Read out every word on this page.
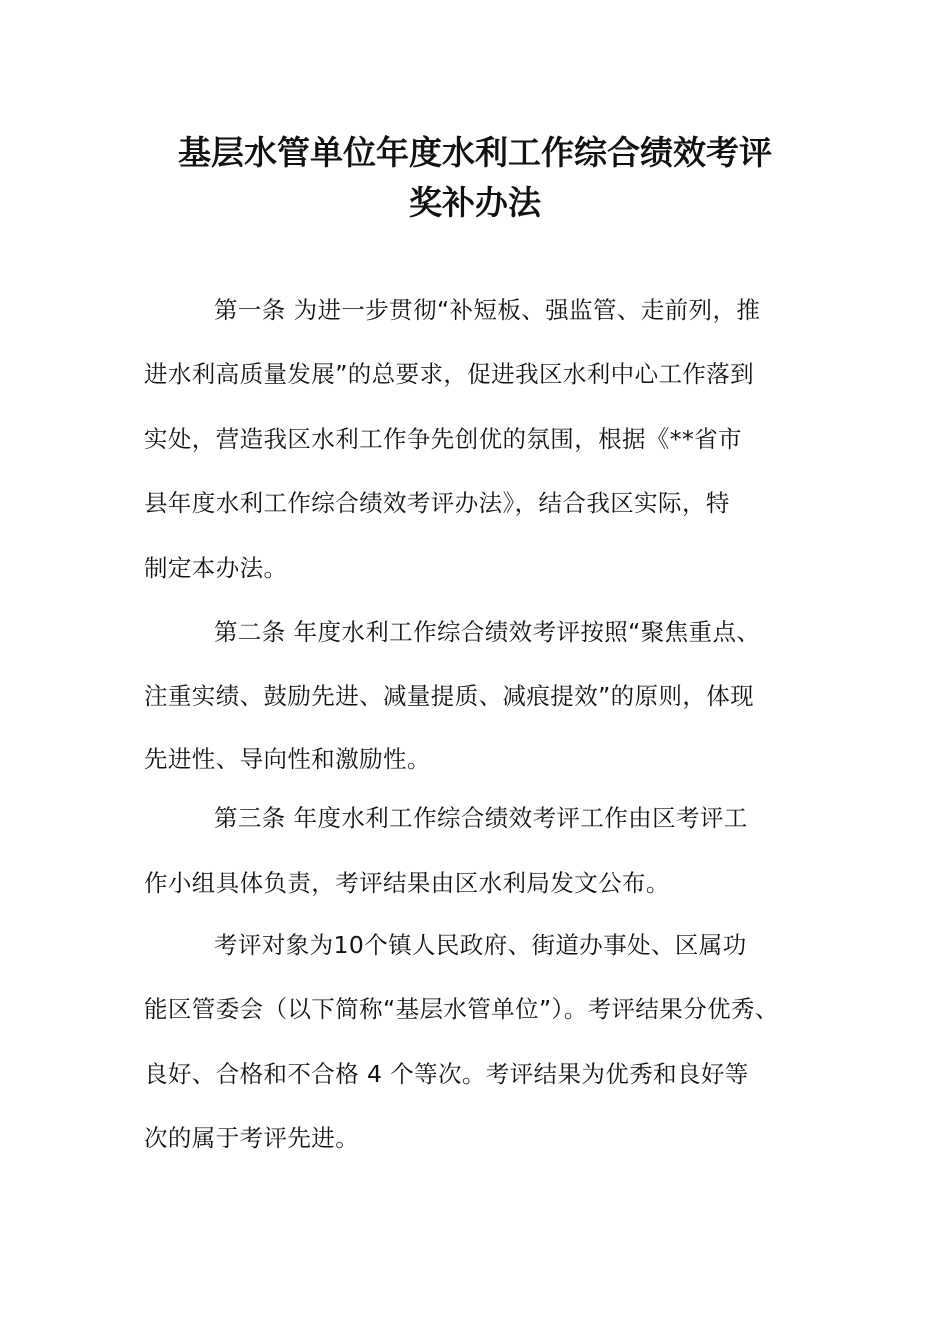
基层水管单位年度水利工作综合绩效考评
奖补办法
第一条 为进一步贯彻“补短板、强监管、走前列，推
进水利高质量发展”的总要求，促进我区水利中心工作落到
实处，营造我区水利工作争先创优的氛围，根据《**省市
县年度水利工作综合绩效考评办法》，结合我区实际，特
制定本办法。
第二条 年度水利工作综合绩效考评按照“聚焦重点、
注重实绩、鼓励先进、减量提质、减痕提效”的原则，体现
先进性、导向性和激励性。
第三条 年度水利工作综合绩效考评工作由区考评工
作小组具体负责，考评结果由区水利局发文公布。
考评对象为10个镇人民政府、街道办事处、区属功
能区管委会（以下简称“基层水管单位”）。考评结果分优秀、
良好、合格和不合格 4 个等次。考评结果为优秀和良好等
次的属于考评先进。
